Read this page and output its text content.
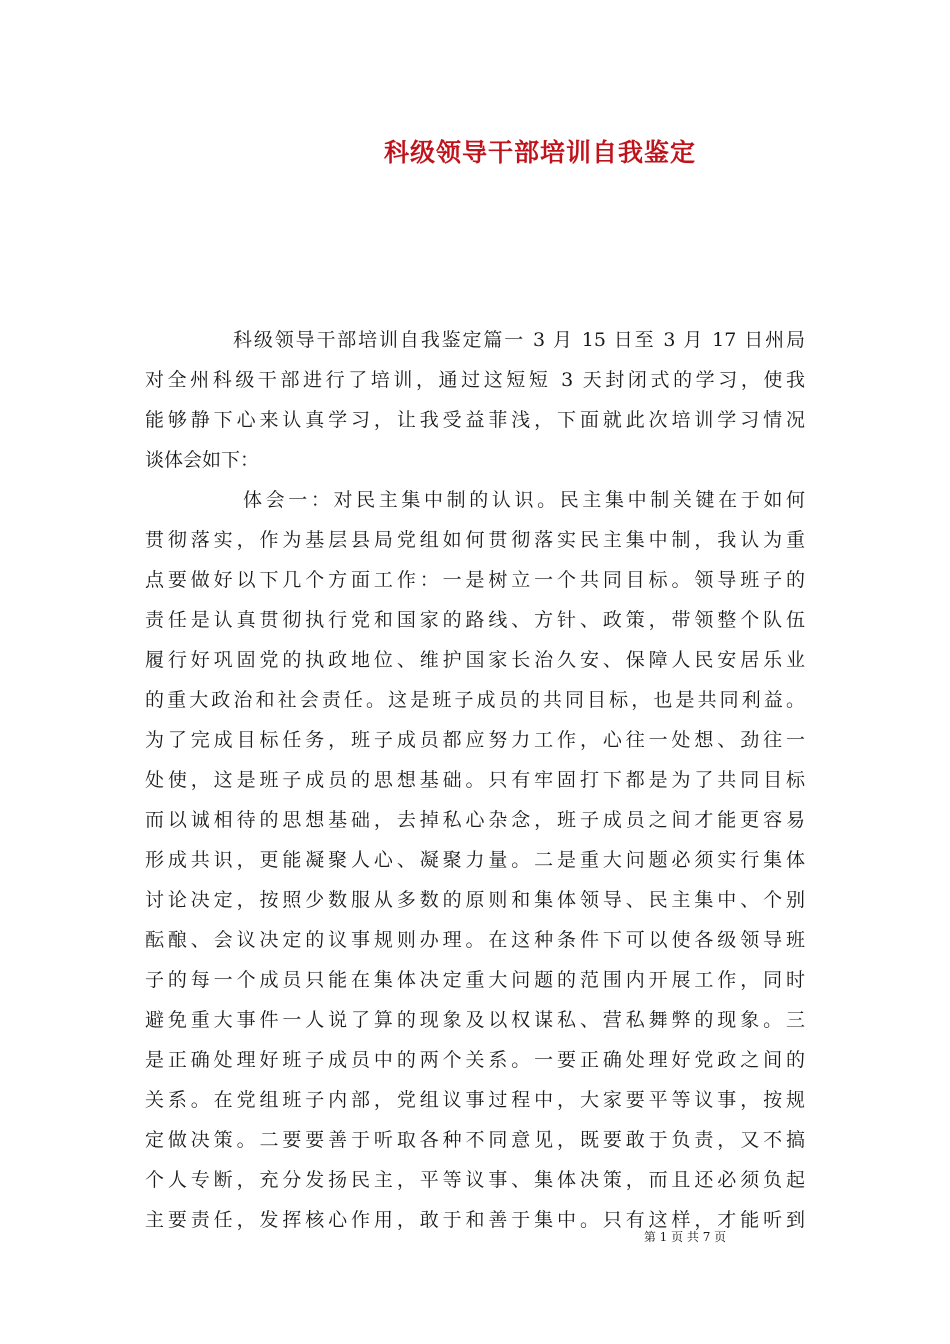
科级领导干部培训自我鉴定
科级领导干部培训自我鉴定篇一 3 月 15 日至 3 月 17 日州局
对全州科级干部进行了培训，通过这短短 3 天封闭式的学习，使我
能够静下心来认真学习，让我受益菲浅，下面就此次培训学习情况
谈体会如下：
体会一：对民主集中制的认识。民主集中制关键在于如何
贯彻落实，作为基层县局党组如何贯彻落实民主集中制，我认为重
点要做好以下几个方面工作：一是树立一个共同目标。领导班子的
责任是认真贯彻执行党和国家的路线、方针、政策，带领整个队伍
履行好巩固党的执政地位、维护国家长治久安、保障人民安居乐业
的重大政治和社会责任。这是班子成员的共同目标，也是共同利益。
为了完成目标任务，班子成员都应努力工作，心往一处想、劲往一
处使，这是班子成员的思想基础。只有牢固打下都是为了共同目标
而以诚相待的思想基础，去掉私心杂念，班子成员之间才能更容易
形成共识，更能凝聚人心、凝聚力量。二是重大问题必须实行集体
讨论决定，按照少数服从多数的原则和集体领导、民主集中、个别
酝酿、会议决定的议事规则办理。在这种条件下可以使各级领导班
子的每一个成员只能在集体决定重大问题的范围内开展工作，同时
避免重大事件一人说了算的现象及以权谋私、营私舞弊的现象。三
是正确处理好班子成员中的两个关系。一要正确处理好党政之间的
关系。在党组班子内部，党组议事过程中，大家要平等议事，按规
定做决策。二要要善于听取各种不同意见，既要敢于负责，又不搞
个人专断，充分发扬民主，平等议事、集体决策，而且还必须负起
主要责任，发挥核心作用，敢于和善于集中。只有这样，才能听到
第 1 页 共 7 页
